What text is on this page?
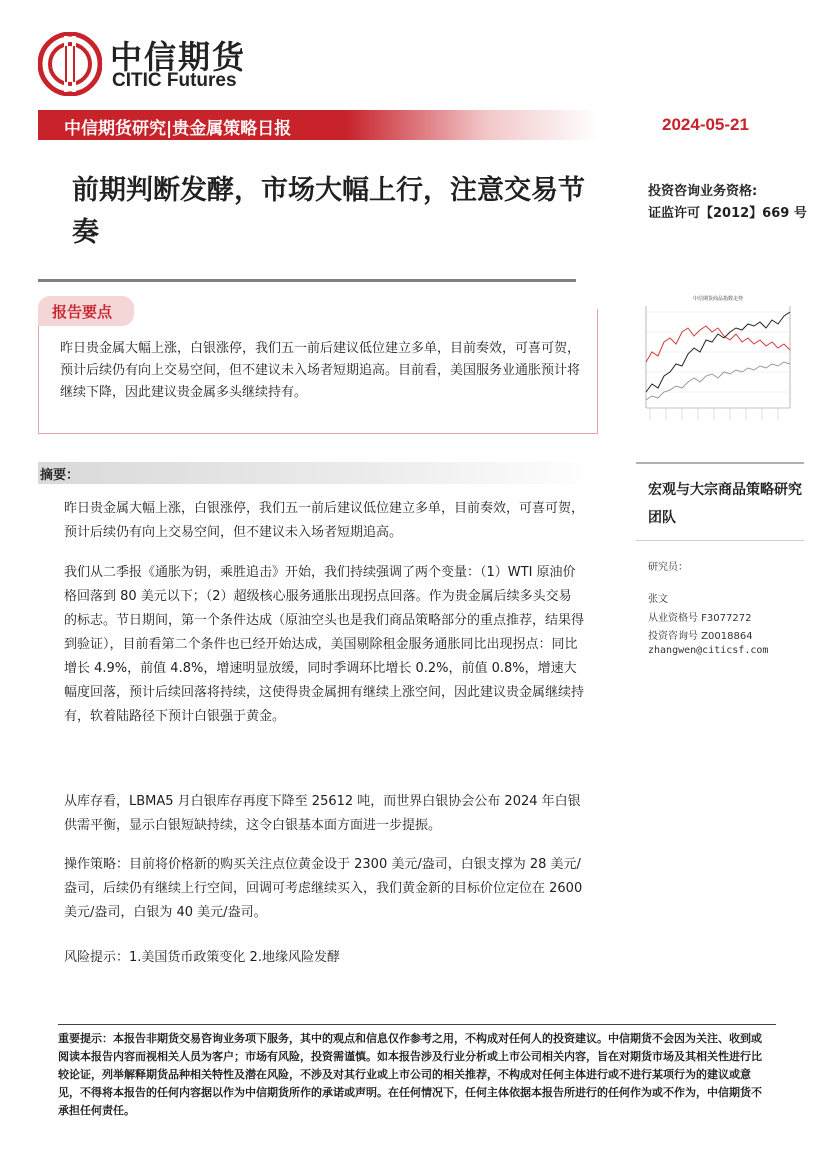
中信期货
CITIC Futures
中信期货研究|贵金属策略日报	2024-05-21
前期判断发酵，市场大幅上行，注意交易节奏
投资咨询业务资格:
证监许可【2012】669 号
报告要点
昨日贵金属大幅上涨，白银涨停，我们五一前后建议低位建立多单，目前奏效，可喜可贺，预计后续仍有向上交易空间，但不建议未入场者短期追高。目前看，美国服务业通胀预计将继续下降，因此建议贵金属多头继续持有。
中信期货商品指数走势
摘要：
昨日贵金属大幅上涨，白银涨停，我们五一前后建议低位建立多单，目前奏效，可喜可贺，预计后续仍有向上交易空间，但不建议未入场者短期追高。
我们从二季报《通胀为钥，乘胜追击》开始，我们持续强调了两个变量：（1）WTI 原油价格回落到 80 美元以下；（2）超级核心服务通胀出现拐点回落。作为贵金属后续多头交易的标志。节日期间，第一个条件达成（原油空头也是我们商品策略部分的重点推荐，结果得到验证），目前看第二个条件也已经开始达成，美国剔除租金服务通胀同比出现拐点：同比增长 4.9%，前值 4.8%，增速明显放缓，同时季调环比增长 0.2%，前值 0.8%，增速大幅度回落，预计后续回落将持续，这使得贵金属拥有继续上涨空间，因此建议贵金属继续持有，软着陆路径下预计白银强于黄金。
从库存看，LBMA5 月白银库存再度下降至 25612 吨，而世界白银协会公布 2024 年白银供需平衡，显示白银短缺持续，这令白银基本面方面进一步提振。
操作策略：目前将价格新的购买关注点位黄金设于 2300 美元/盎司，白银支撑为 28 美元/盎司，后续仍有继续上行空间，回调可考虑继续买入，我们黄金新的目标价位定位在 2600 美元/盎司，白银为 40 美元/盎司。
风险提示：1.美国货币政策变化 2.地缘风险发酵
宏观与大宗商品策略研究团队
研究员：
张文
从业资格号 F3077272
投资咨询号 Z0018864
zhangwen@citicsf.com
重要提示：本报告非期货交易咨询业务项下服务，其中的观点和信息仅作参考之用，不构成对任何人的投资建议。中信期货不会因为关注、收到或阅读本报告内容而视相关人员为客户；市场有风险，投资需谨慎。如本报告涉及行业分析或上市公司相关内容，旨在对期货市场及其相关性进行比较论证，列举解释期货品种相关特性及潜在风险，不涉及对其行业或上市公司的相关推荐，不构成对任何主体进行或不进行某项行为的建议或意见，不得将本报告的任何内容据以作为中信期货所作的承诺或声明。在任何情况下，任何主体依据本报告所进行的任何作为或不作为，中信期货不承担任何责任。
